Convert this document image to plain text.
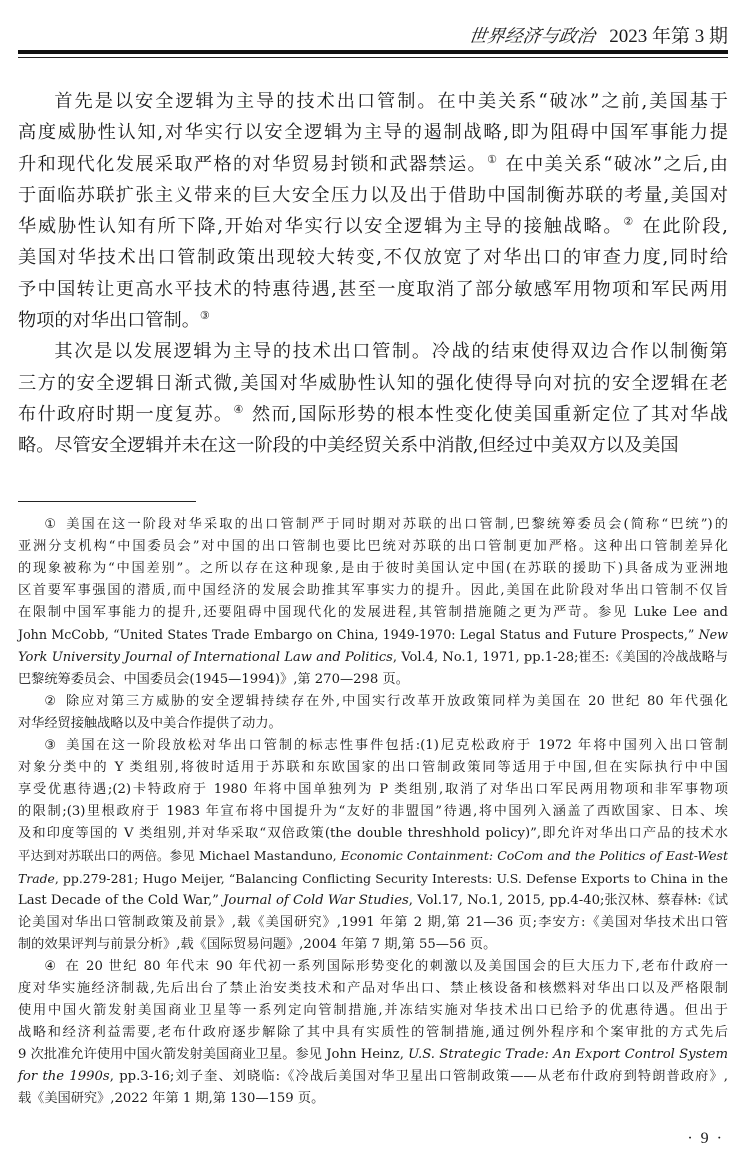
世界经济与政治 2023 年第 3 期

首先是以安全逻辑为主导的技术出口管制。在中美关系“破冰”之前,美国基于
高度威胁性认知,对华实行以安全逻辑为主导的遏制战略,即为阻碍中国军事能力提
升和现代化发展采取严格的对华贸易封锁和武器禁运。① 在中美关系“破冰”之后,由
于面临苏联扩张主义带来的巨大安全压力以及出于借助中国制衡苏联的考量,美国对
华威胁性认知有所下降,开始对华实行以安全逻辑为主导的接触战略。② 在此阶段,
美国对华技术出口管制政策出现较大转变,不仅放宽了对华出口的审查力度,同时给
予中国转让更高水平技术的特惠待遇,甚至一度取消了部分敏感军用物项和军民两用
物项的对华出口管制。③

其次是以发展逻辑为主导的技术出口管制。冷战的结束使得双边合作以制衡第
三方的安全逻辑日渐式微,美国对华威胁性认知的强化使得导向对抗的安全逻辑在老
布什政府时期一度复苏。④ 然而,国际形势的根本性变化使美国重新定位了其对华战
略。尽管安全逻辑并未在这一阶段的中美经贸关系中消散,但经过中美双方以及美国

① 美国在这一阶段对华采取的出口管制严于同时期对苏联的出口管制,巴黎统筹委员会(简称“巴统”)的
亚洲分支机构“中国委员会”对中国的出口管制也要比巴统对苏联的出口管制更加严格。这种出口管制差异化
的现象被称为“中国差别”。之所以存在这种现象,是由于彼时美国认定中国(在苏联的援助下)具备成为亚洲地
区首要军事强国的潜质,而中国经济的发展会助推其军事实力的提升。因此,美国在此阶段对华出口管制不仅旨
在限制中国军事能力的提升,还要阻碍中国现代化的发展进程,其管制措施随之更为严苛。参见 Luke Lee and
John McCobb, “United States Trade Embargo on China, 1949-1970: Legal Status and Future Prospects,” New
York University Journal of International Law and Politics, Vol.4, No.1, 1971, pp.1-28;崔丕:《美国的冷战战略与
巴黎统筹委员会、中国委员会(1945—1994)》,第 270—298 页。
② 除应对第三方威胁的安全逻辑持续存在外,中国实行改革开放政策同样为美国在 20 世纪 80 年代强化
对华经贸接触战略以及中美合作提供了动力。
③ 美国在这一阶段放松对华出口管制的标志性事件包括:(1)尼克松政府于 1972 年将中国列入出口管制
对象分类中的 Y 类组别,将彼时适用于苏联和东欧国家的出口管制政策同等适用于中国,但在实际执行中中国
享受优惠待遇;(2)卡特政府于 1980 年将中国单独列为 P 类组别,取消了对华出口军民两用物项和非军事物项
的限制;(3)里根政府于 1983 年宣布将中国提升为“友好的非盟国”待遇,将中国列入涵盖了西欧国家、日本、埃
及和印度等国的 V 类组别,并对华采取“双倍政策(the double threshhold policy)”,即允许对华出口产品的技术水
平达到对苏联出口的两倍。参见 Michael Mastanduno, Economic Containment: CoCom and the Politics of East-West
Trade, pp.279-281; Hugo Meijer, “Balancing Conflicting Security Interests: U.S. Defense Exports to China in the
Last Decade of the Cold War,” Journal of Cold War Studies, Vol.17, No.1, 2015, pp.4-40;张汉林、蔡春林:《试
论美国对华出口管制政策及前景》,载《美国研究》,1991 年第 2 期,第 21—36 页;李安方:《美国对华技术出口管
制的效果评判与前景分析》,载《国际贸易问题》,2004 年第 7 期,第 55—56 页。
④ 在 20 世纪 80 年代末 90 年代初一系列国际形势变化的刺激以及美国国会的巨大压力下,老布什政府一
度对华实施经济制裁,先后出台了禁止治安类技术和产品对华出口、禁止核设备和核燃料对华出口以及严格限制
使用中国火箭发射美国商业卫星等一系列定向管制措施,并冻结实施对华技术出口已给予的优惠待遇。但出于
战略和经济利益需要,老布什政府逐步解除了其中具有实质性的管制措施,通过例外程序和个案审批的方式先后
9 次批准允许使用中国火箭发射美国商业卫星。参见 John Heinz, U.S. Strategic Trade: An Export Control System
for the 1990s, pp.3-16;刘子奎、刘晓临:《冷战后美国对华卫星出口管制政策——从老布什政府到特朗普政府》,
载《美国研究》,2022 年第 1 期,第 130—159 页。
· 9 ·
